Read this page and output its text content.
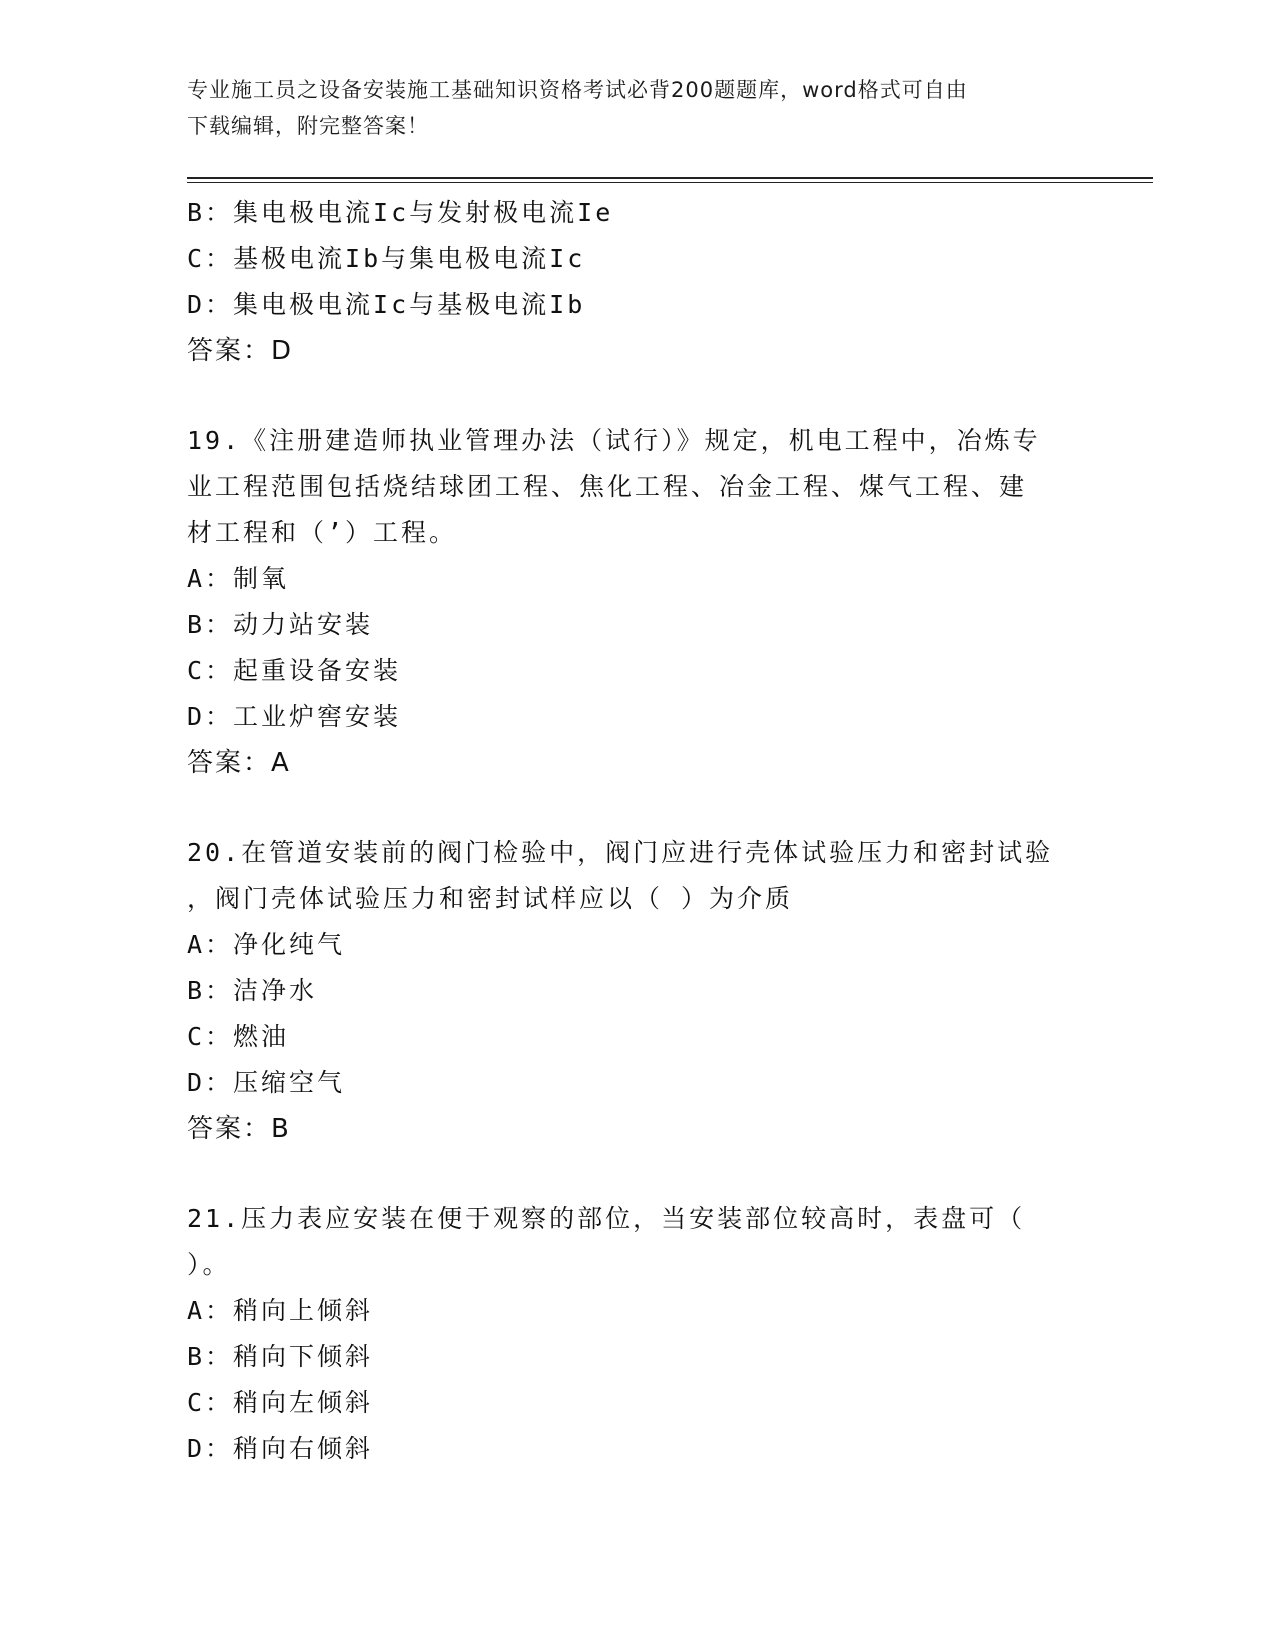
专业施工员之设备安装施工基础知识资格考试必背200题题库，word格式可自由
下载编辑，附完整答案！
B：集电极电流Ic与发射极电流Ie
C：基极电流Ib与集电极电流Ic
D：集电极电流Ic与基极电流Ib
答案：D
19.《注册建造师执业管理办法（试行）》规定，机电工程中，冶炼专
业工程范围包括烧结球团工程、焦化工程、冶金工程、煤气工程、建
材工程和（’）工程。
A：制氧
B：动力站安装
C：起重设备安装
D：工业炉窖安装
答案：A
20.在管道安装前的阀门检验中，阀门应进行壳体试验压力和密封试验
，阀门壳体试验压力和密封试样应以（ ）为介质
A：净化纯气
B：洁净水
C：燃油
D：压缩空气
答案：B
21.压力表应安装在便于观察的部位，当安装部位较高时，表盘可（
）。
A：稍向上倾斜
B：稍向下倾斜
C：稍向左倾斜
D：稍向右倾斜
